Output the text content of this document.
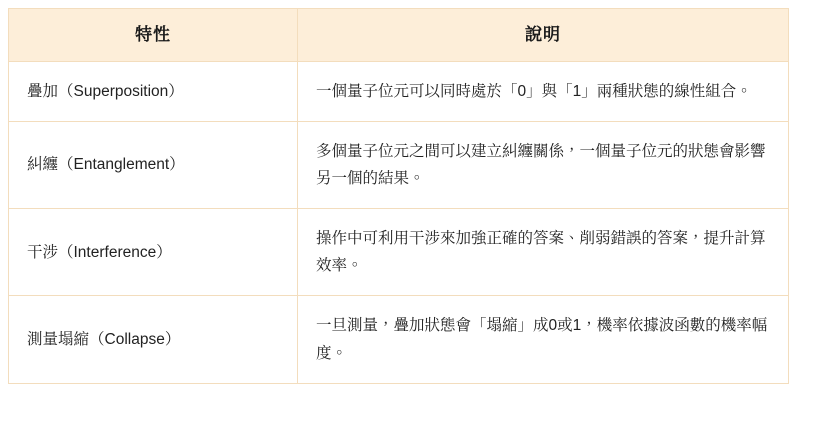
特性	說明
疊加（Superposition）	一個量子位元可以同時處於「0」與「1」兩種狀態的線性組合。
糾纏（Entanglement）	多個量子位元之間可以建立糾纏關係，一個量子位元的狀態會影響另一個的結果。
干涉（Interference）	操作中可利用干涉來加強正確的答案、削弱錯誤的答案，提升計算效率。
測量塌縮（Collapse）	一旦測量，疊加狀態會「塌縮」成0或1，機率依據波函數的機率幅度。
